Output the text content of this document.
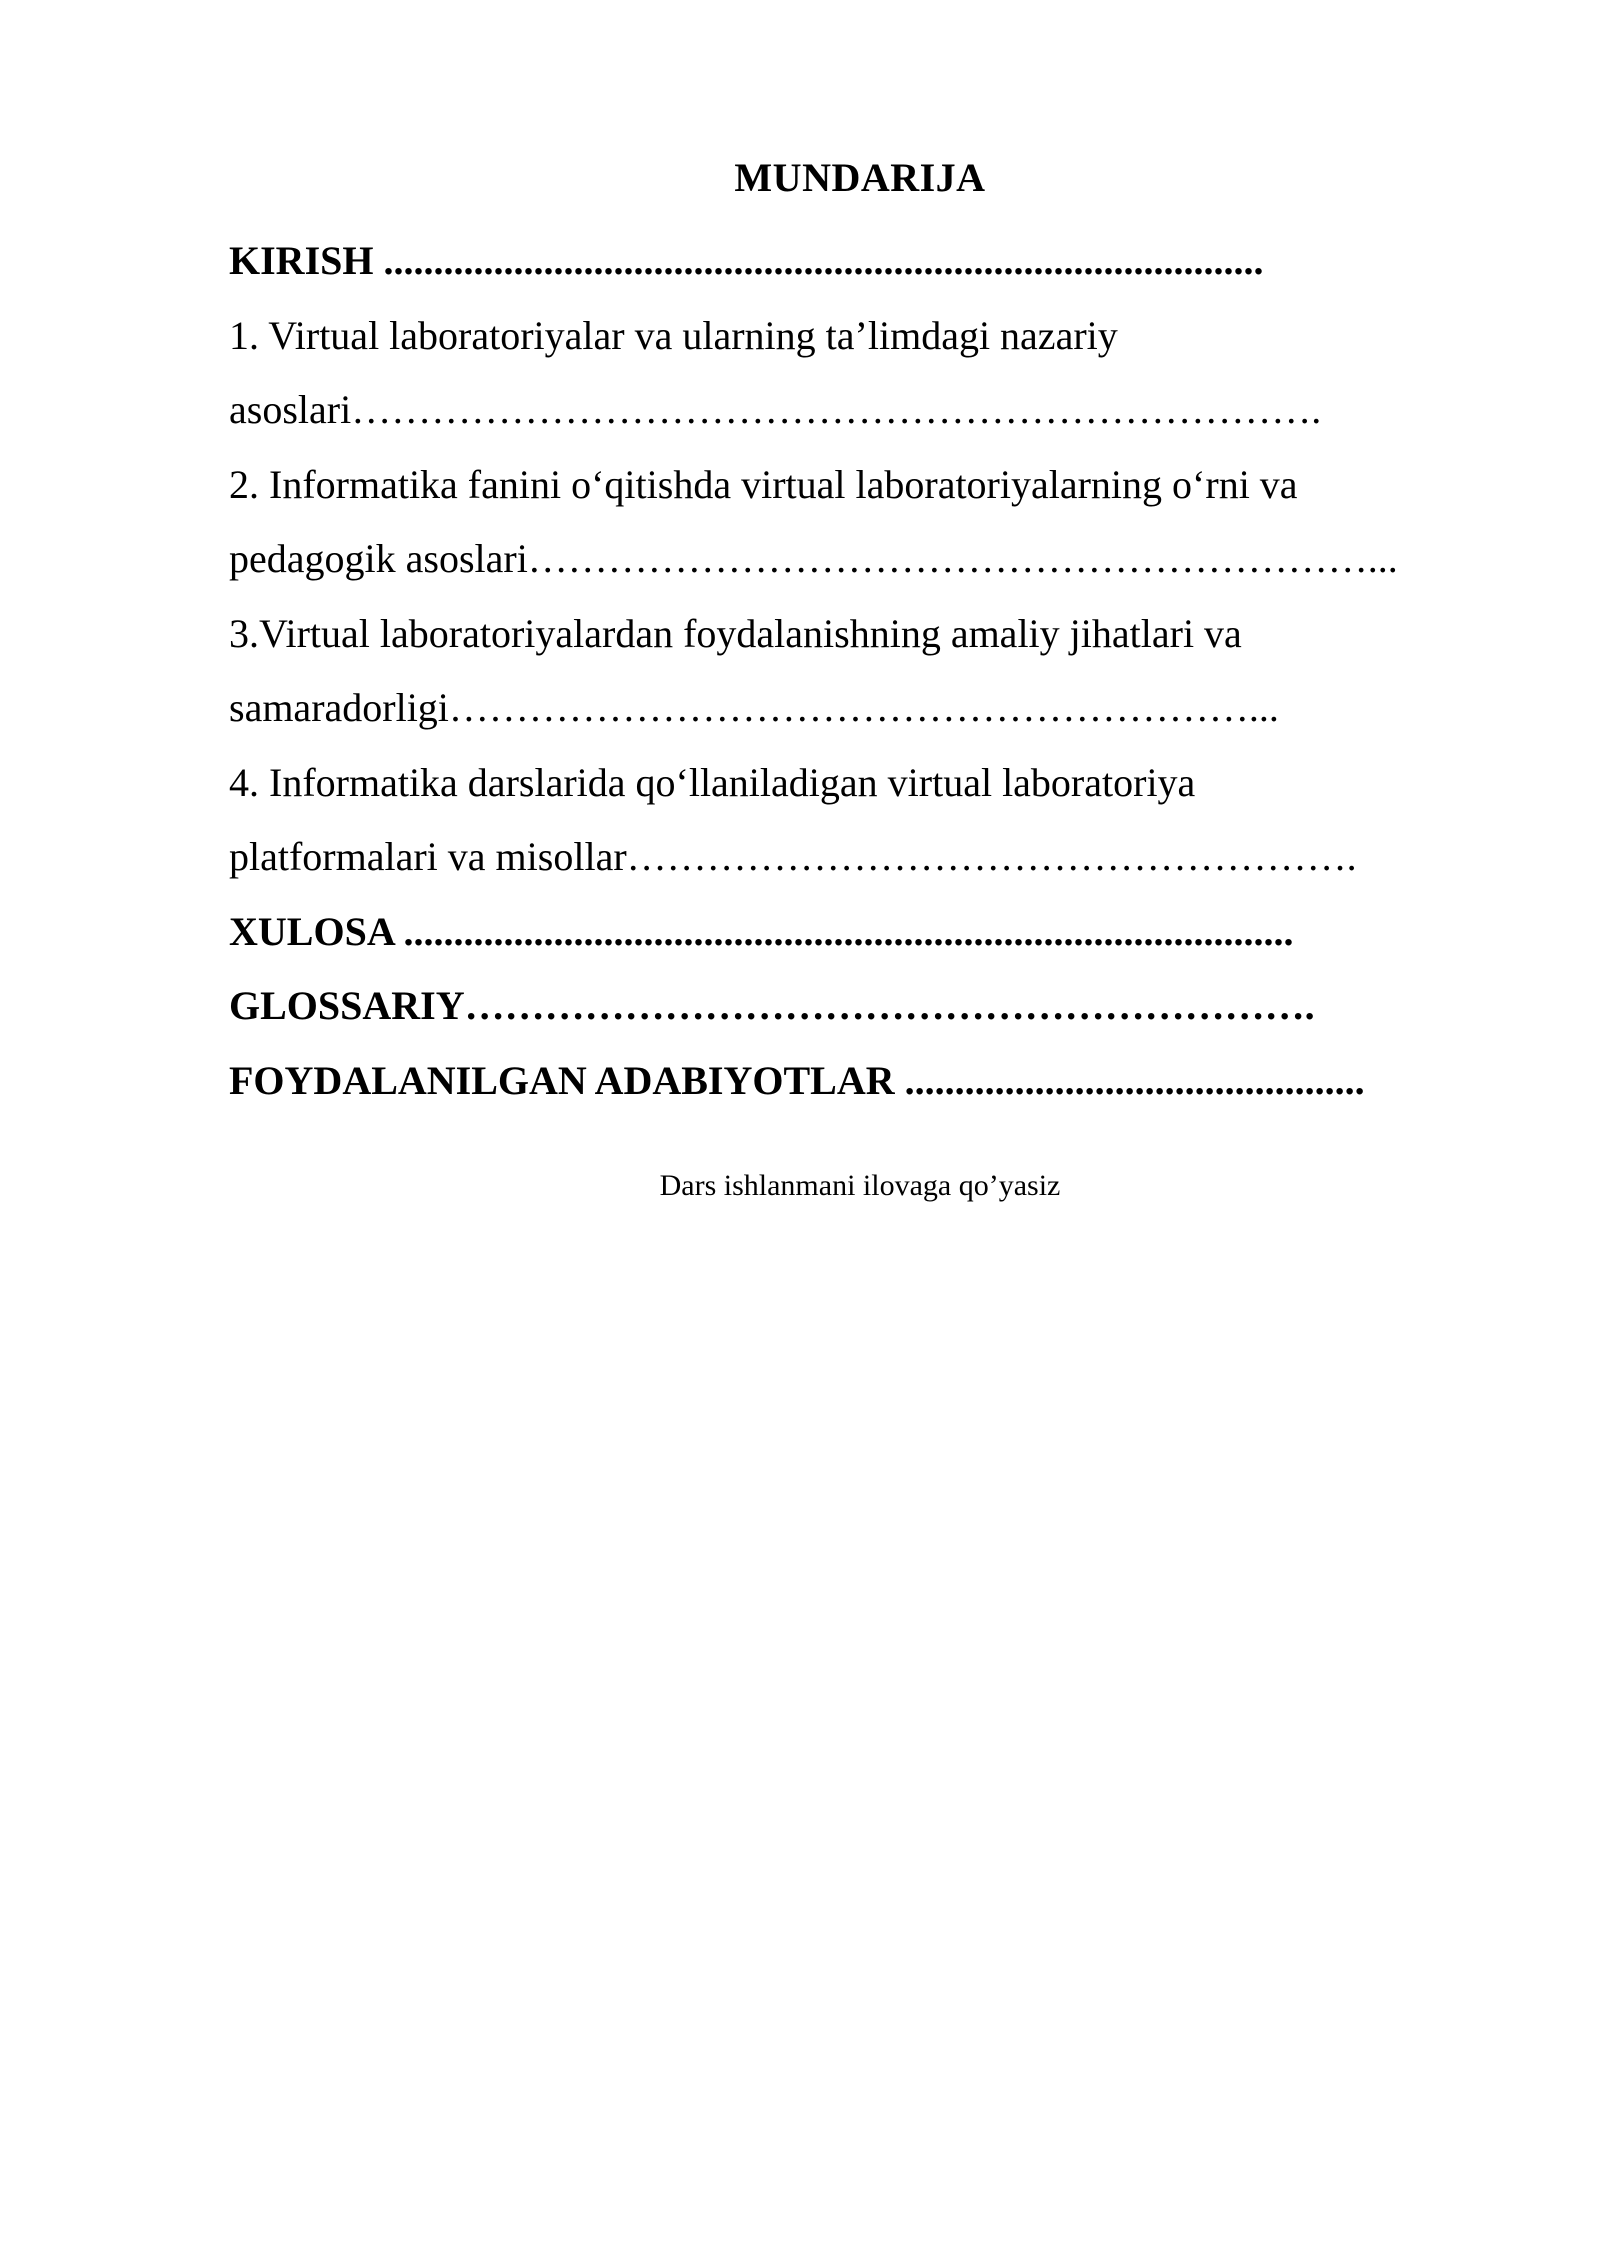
MUNDARIJA
KIRISH ........................................................................................
1. Virtual laboratoriyalar va ularning ta’limdagi nazariy
asoslari……………………………………………………………….
2. Informatika fanini o‘qitishda virtual laboratoriyalarning o‘rni va
pedagogik asoslari………………………………………………………...
3.Virtual laboratoriyalardan foydalanishning amaliy jihatlari va
samaradorligi……………………………………………………...
4. Informatika darslarida qo‘llaniladigan virtual laboratoriya
platformalari va misollar……………………………………………….
XULOSA .........................................................................................
GLOSSARIY……………………………………………………….
FOYDALANILGAN ADABIYOTLAR ..............................................
Dars ishlanmani ilovaga qo’yasiz
